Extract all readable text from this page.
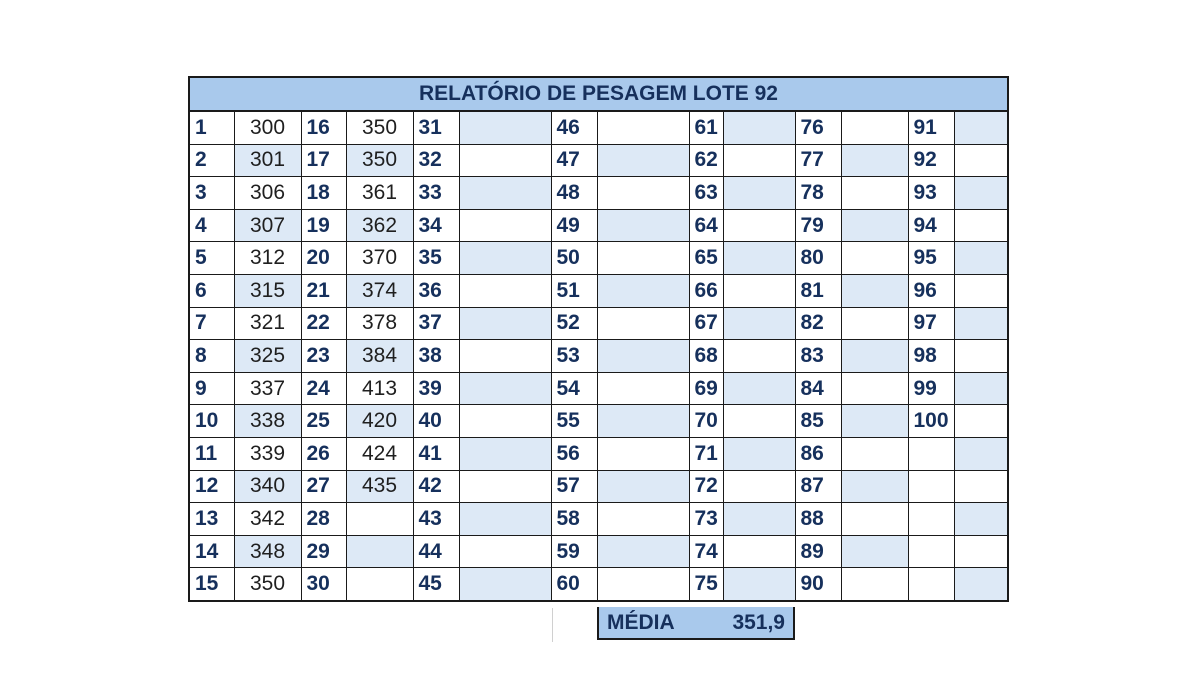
RELATÓRIO DE PESAGEM LOTE 92													
1	300	16	350	31		46		61		76		91	
2	301	17	350	32		47		62		77		92	
3	306	18	361	33		48		63		78		93	
4	307	19	362	34		49		64		79		94	
5	312	20	370	35		50		65		80		95	
6	315	21	374	36		51		66		81		96	
7	321	22	378	37		52		67		82		97	
8	325	23	384	38		53		68		83		98	
9	337	24	413	39		54		69		84		99	
10	338	25	420	40		55		70		85		100	
11	339	26	424	41		56		71		86			
12	340	27	435	42		57		72		87			
13	342	28		43		58		73		88			
14	348	29		44		59		74		89			
15	350	30		45		60		75		90			
MÉDIA	351,9
